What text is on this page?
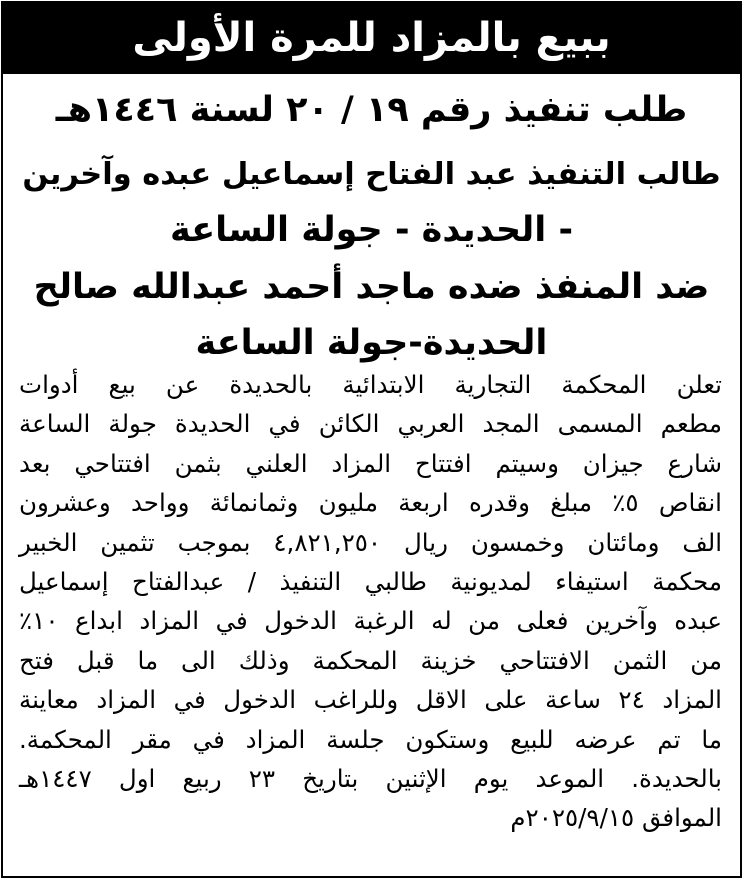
ببيع بالمزاد للمرة الأولى
طلب تنفيذ رقم ١٩ / ٢٠ لسنة ١٤٤٦هـ
طالب التنفيذ عبد الفتاح إسماعيل عبده وآخرين
- الحديدة - جولة الساعة
ضد المنفذ ضده ماجد أحمد عبدالله صالح
الحديدة-جولة الساعة
تعلن المحكمة التجارية الابتدائية بالحديدة عن بيع أدوات
مطعم المسمى المجد العربي الكائن في الحديدة جولة الساعة
شارع جيزان وسيتم افتتاح المزاد العلني بثمن افتتاحي بعد
انقاص ٥٪ مبلغ وقدره اربعة مليون وثمانمائة وواحد وعشرون
الف ومائتان وخمسون ريال ٤,٨٢١,٢٥٠ بموجب تثمين الخبير
محكمة استيفاء لمديونية طالبي التنفيذ / عبدالفتاح إسماعيل
عبده وآخرين فعلى من له الرغبة الدخول في المزاد ابداع ١٠٪
من الثمن الافتتاحي خزينة المحكمة وذلك الى ما قبل فتح
المزاد ٢٤ ساعة على الاقل وللراغب الدخول في المزاد معاينة
ما تم عرضه للبيع وستكون جلسة المزاد في مقر المحكمة.
بالحديدة. الموعد يوم الإثنين بتاريخ ٢٣ ربيع اول ١٤٤٧هـ
الموافق ٢٠٢٥/٩/١٥م
